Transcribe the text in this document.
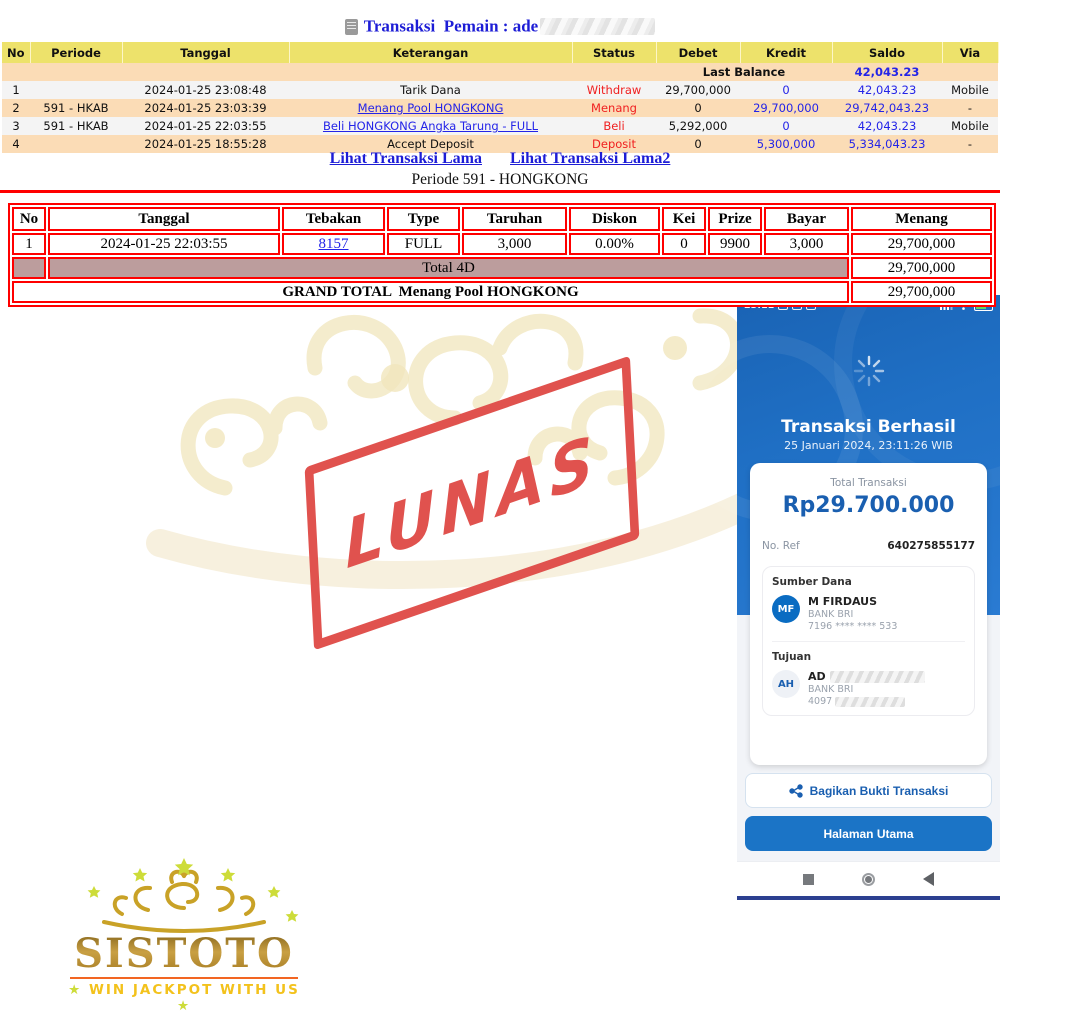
Transaksi  Pemain : ade
No	Periode	Tanggal	Keterangan	Status	Debet	Kredit	Saldo	Via
					Last Balance		42,043.23	
1		2024-01-25 23:08:48	Tarik Dana	Withdraw	29,700,000	0	42,043.23	Mobile
2	591 - HKAB	2024-01-25 23:03:39	Menang Pool HONGKONG	Menang	0	29,700,000	29,742,043.23	-
3	591 - HKAB	2024-01-25 22:03:55	Beli HONGKONG Angka Tarung - FULL	Beli	5,292,000	0	42,043.23	Mobile
4		2024-01-25 18:55:28	Accept Deposit	Deposit	0	5,300,000	5,334,043.23	-
Lihat Transaksi Lama Lihat Transaksi Lama2
Periode 591 - HONGKONG
No	Tanggal	Tebakan	Type	Taruhan	Diskon	Kei	Prize	Bayar	Menang
1	2024-01-25 22:03:55	8157	FULL	3,000	0.00%	0	9900	3,000	29,700,000
	Total 4D								29,700,000
GRAND TOTAL  Menang Pool HONGKONG									29,700,000
LUNAS	Transaksi Berhasil
25 Januari 2024, 23:11:26 WIB
Total Transaksi
Rp29.700.000
No. Ref	640275855177
Sumber Dana
MF
M FIRDAUS
BANK BRI
7196 **** **** 533
Tujuan
AH
AD
BANK BRI
4097
Bagikan Bukti Transaksi
Halaman Utama
SISTOTO
★ WIN JACKPOT WITH US ★
